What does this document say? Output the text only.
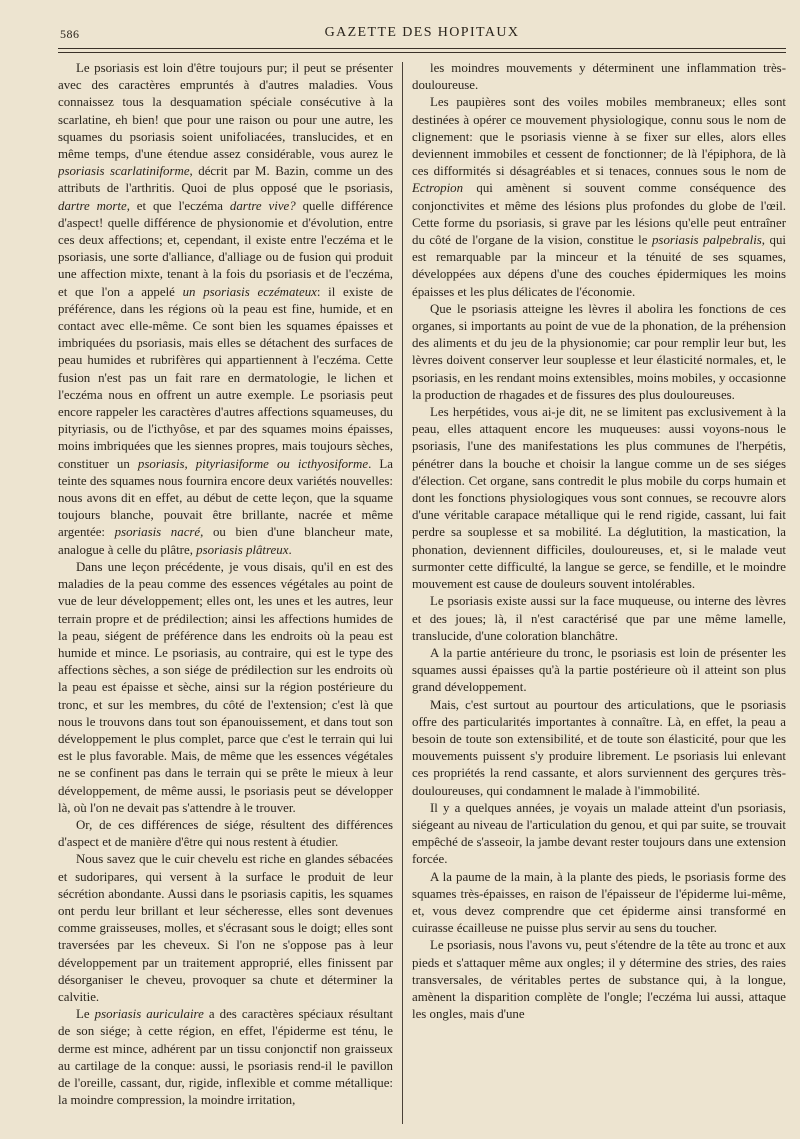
586	GAZETTE DES HOPITAUX

Le psoriasis est loin d'être toujours pur; il peut se présenter avec des caractères empruntés à d'autres maladies. Vous connaissez tous la desquamation spéciale consécutive à la scarlatine, eh bien! que pour une raison ou pour une autre, les squames du psoriasis soient unifoliacées, translucides, et en même temps, d'une étendue assez considérable, vous aurez le psoriasis scarlatiniforme, décrit par M. Bazin, comme un des attributs de l'arthritis. Quoi de plus opposé que le psoriasis, dartre morte, et que l'eczéma dartre vive? quelle différence d'aspect! quelle différence de physionomie et d'évolution, entre ces deux affections; et, cependant, il existe entre l'eczéma et le psoriasis, une sorte d'alliance, d'alliage ou de fusion qui produit une affection mixte, tenant à la fois du psoriasis et de l'eczéma, et que l'on a appelé un psoriasis eczémateux: il existe de préférence, dans les régions où la peau est fine, humide, et en contact avec elle-même. Ce sont bien les squames épaisses et imbriquées du psoriasis, mais elles se détachent des surfaces de peau humides et rubrifères qui appartiennent à l'eczéma. Cette fusion n'est pas un fait rare en dermatologie, le lichen et l'eczéma nous en offrent un autre exemple. Le psoriasis peut encore rappeler les caractères d'autres affections squameuses, du pityriasis, ou de l'icthyôse, et par des squames moins épaisses, moins imbriquées que les siennes propres, mais toujours sèches, constituer un psoriasis, pityriasiforme ou icthyosiforme. La teinte des squames nous fournira encore deux variétés nouvelles: nous avons dit en effet, au début de cette leçon, que la squame toujours blanche, pouvait être brillante, nacrée et même argentée: psoriasis nacré, ou bien d'une blancheur mate, analogue à celle du plâtre, psoriasis plâtreux.

Dans une leçon précédente, je vous disais, qu'il en est des maladies de la peau comme des essences végétales au point de vue de leur développement; elles ont, les unes et les autres, leur terrain propre et de prédilection; ainsi les affections humides de la peau, siégent de préférence dans les endroits où la peau est humide et mince. Le psoriasis, au contraire, qui est le type des affections sèches, a son siége de prédilection sur les endroits où la peau est épaisse et sèche, ainsi sur la région postérieure du tronc, et sur les membres, du côté de l'extension; c'est là que nous le trouvons dans tout son épanouissement, et dans tout son développement le plus complet, parce que c'est le terrain qui lui est le plus favorable. Mais, de même que les essences végétales ne se confinent pas dans le terrain qui se prête le mieux à leur développement, de même aussi, le psoriasis peut se développer là, où l'on ne devait pas s'attendre à le trouver.

Or, de ces différences de siége, résultent des différences d'aspect et de manière d'être qui nous restent à étudier.

Nous savez que le cuir chevelu est riche en glandes sébacées et sudoripares, qui versent à la surface le produit de leur sécrétion abondante. Aussi dans le psoriasis capitis, les squames ont perdu leur brillant et leur sécheresse, elles sont devenues comme graisseuses, molles, et s'écrasant sous le doigt; elles sont traversées par les cheveux. Si l'on ne s'oppose pas à leur développement par un traitement approprié, elles finissent par désorganiser le cheveu, provoquer sa chute et déterminer la calvitie.

Le psoriasis auriculaire a des caractères spéciaux résultant de son siége; à cette région, en effet, l'épiderme est ténu, le derme est mince, adhérent par un tissu conjonctif non graisseux au cartilage de la conque: aussi, le psoriasis rend-il le pavillon de l'oreille, cassant, dur, rigide, inflexible et comme métallique: la moindre compression, la moindre irritation,

les moindres mouvements y déterminent une inflammation très-douloureuse.

Les paupières sont des voiles mobiles membraneux; elles sont destinées à opérer ce mouvement physiologique, connu sous le nom de clignement: que le psoriasis vienne à se fixer sur elles, alors elles deviennent immobiles et cessent de fonctionner; de là l'épiphora, de là ces difformités si désagréables et si tenaces, connues sous le nom de Ectropion qui amènent si souvent comme conséquence des conjonctivites et même des lésions plus profondes du globe de l'œil. Cette forme du psoriasis, si grave par les lésions qu'elle peut entraîner du côté de l'organe de la vision, constitue le psoriasis palpebralis, qui est remarquable par la minceur et la ténuité de ses squames, développées aux dépens d'une des couches épidermiques les moins épaisses et les plus délicates de l'économie.

Que le psoriasis atteigne les lèvres il abolira les fonctions de ces organes, si importants au point de vue de la phonation, de la préhension des aliments et du jeu de la physionomie; car pour remplir leur but, les lèvres doivent conserver leur souplesse et leur élasticité normales, et, le psoriasis, en les rendant moins extensibles, moins mobiles, y occasionne la production de rhagades et de fissures des plus douloureuses.

Les herpétides, vous ai-je dit, ne se limitent pas exclusivement à la peau, elles attaquent encore les muqueuses: aussi voyons-nous le psoriasis, l'une des manifestations les plus communes de l'herpétis, pénétrer dans la bouche et choisir la langue comme un de ses siéges d'élection. Cet organe, sans contredit le plus mobile du corps humain et dont les fonctions physiologiques vous sont connues, se recouvre alors d'une véritable carapace métallique qui le rend rigide, cassant, lui fait perdre sa souplesse et sa mobilité. La déglutition, la mastication, la phonation, deviennent difficiles, douloureuses, et, si le malade veut surmonter cette difficulté, la langue se gerce, se fendille, et le moindre mouvement est cause de douleurs souvent intolérables.

Le psoriasis existe aussi sur la face muqueuse, ou interne des lèvres et des joues; là, il n'est caractérisé que par une même lamelle, translucide, d'une coloration blanchâtre.

A la partie antérieure du tronc, le psoriasis est loin de présenter les squames aussi épaisses qu'à la partie postérieure où il atteint son plus grand développement.

Mais, c'est surtout au pourtour des articulations, que le psoriasis offre des particularités importantes à connaître. Là, en effet, la peau a besoin de toute son extensibilité, et de toute son élasticité, pour que les mouvements puissent s'y produire librement. Le psoriasis lui enlevant ces propriétés la rend cassante, et alors surviennent des gerçures très-douloureuses, qui condamnent le malade à l'immobilité.

Il y a quelques années, je voyais un malade atteint d'un psoriasis, siégeant au niveau de l'articulation du genou, et qui par suite, se trouvait empêché de s'asseoir, la jambe devant rester toujours dans une extension forcée.

A la paume de la main, à la plante des pieds, le psoriasis forme des squames très-épaisses, en raison de l'épaisseur de l'épiderme lui-même, et, vous devez comprendre que cet épiderme ainsi transformé en cuirasse écailleuse ne puisse plus servir au sens du toucher.

Le psoriasis, nous l'avons vu, peut s'étendre de la tête au tronc et aux pieds et s'attaquer même aux ongles; il y détermine des stries, des raies transversales, de véritables pertes de substance qui, à la longue, amènent la disparition complète de l'ongle; l'eczéma lui aussi, attaque les ongles, mais d'une
